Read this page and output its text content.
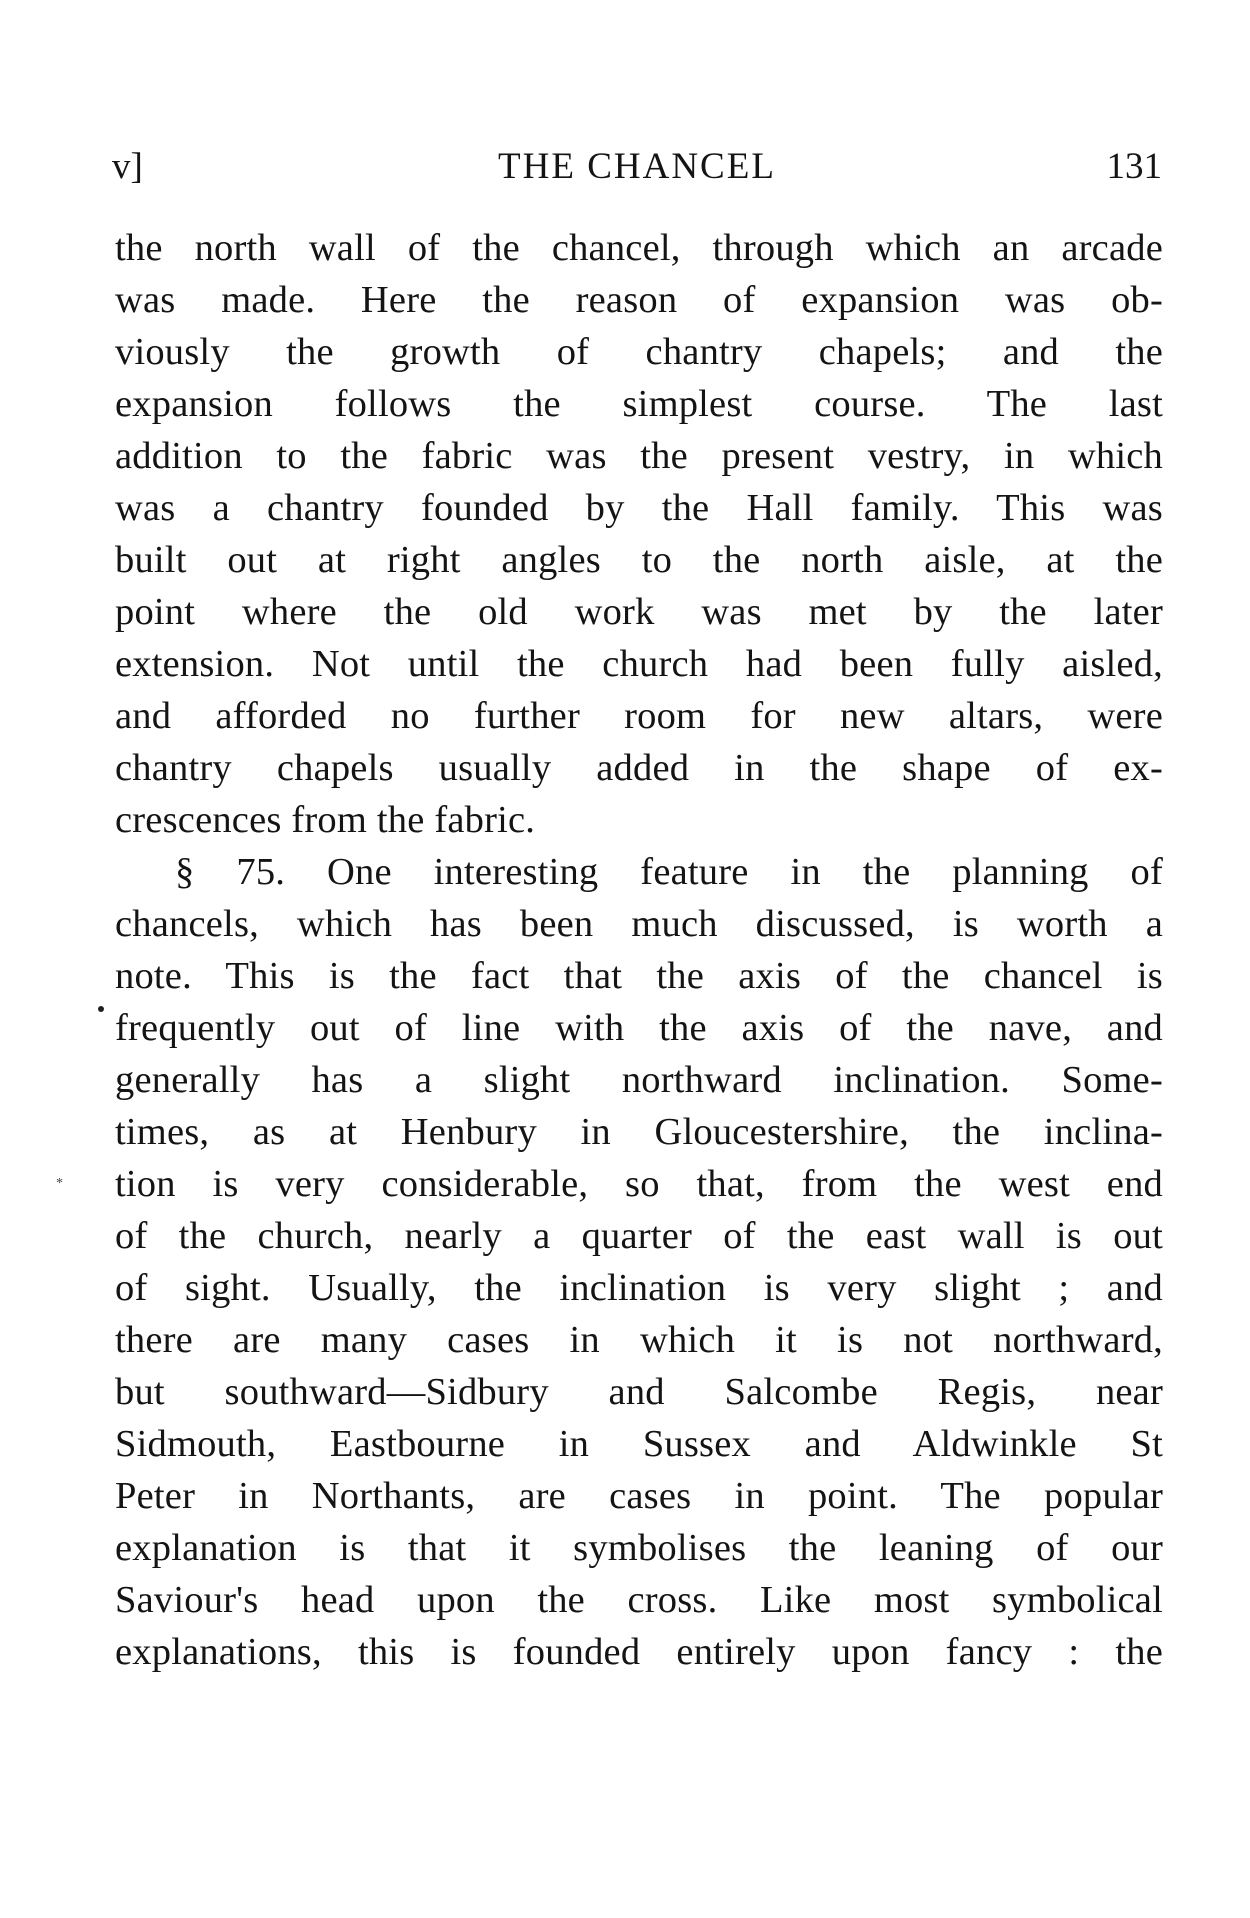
v]	THE CHANCEL	131
the north wall of the chancel, through which an arcade
was made. Here the reason of expansion was ob-
viously the growth of chantry chapels; and the
expansion follows the simplest course. The last
addition to the fabric was the present vestry, in which
was a chantry founded by the Hall family. This was
built out at right angles to the north aisle, at the
point where the old work was met by the later
extension. Not until the church had been fully aisled,
and afforded no further room for new altars, were
chantry chapels usually added in the shape of ex-
crescences from the fabric.
§ 75. One interesting feature in the planning of
chancels, which has been much discussed, is worth a
note. This is the fact that the axis of the chancel is
frequently out of line with the axis of the nave, and
generally has a slight northward inclination. Some-
times, as at Henbury in Gloucestershire, the inclina-
tion is very considerable, so that, from the west end
of the church, nearly a quarter of the east wall is out
of sight. Usually, the inclination is very slight ; and
there are many cases in which it is not northward,
but southward—Sidbury and Salcombe Regis, near
Sidmouth, Eastbourne in Sussex and Aldwinkle St
Peter in Northants, are cases in point. The popular
explanation is that it symbolises the leaning of our
Saviour's head upon the cross. Like most symbolical
explanations, this is founded entirely upon fancy : the
*
